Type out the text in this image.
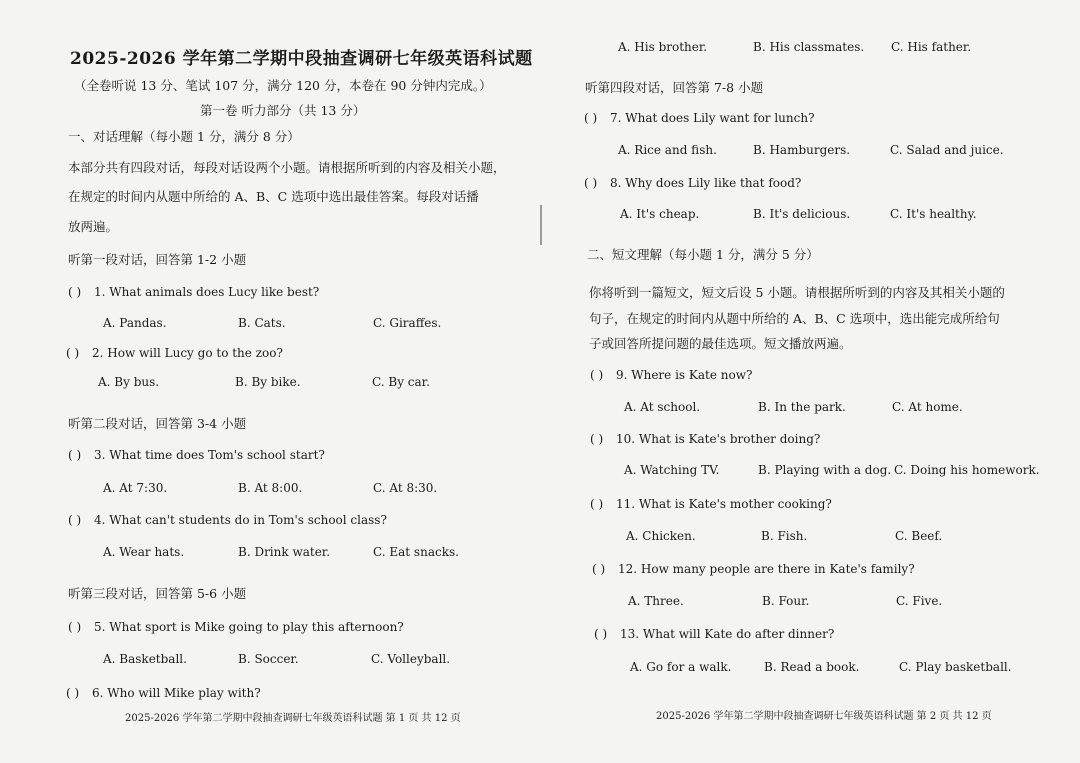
2025-2026 学年第二学期中段抽查调研七年级英语科试题
（全卷听说 13 分、笔试 107 分，满分 120 分，本卷在 90 分钟内完成。）
第一卷 听力部分（共 13 分）
一、对话理解（每小题 1 分，满分 8 分）
本部分共有四段对话，每段对话设两个小题。请根据所听到的内容及相关小题，
在规定的时间内从题中所给的 A、B、C 选项中选出最佳答案。每段对话播
放两遍。
听第一段对话，回答第 1-2 小题
( ) 1. What animals does Lucy like best?
A. Pandas.	B. Cats.	C. Giraffes.
( ) 2. How will Lucy go to the zoo?
A. By bus.	B. By bike.	C. By car.
听第二段对话，回答第 3-4 小题
( ) 3. What time does Tom's school start?
A. At 7:30.	B. At 8:00.	C. At 8:30.
( ) 4. What can't students do in Tom's school class?
A. Wear hats.	B. Drink water.	C. Eat snacks.
听第三段对话，回答第 5-6 小题
( ) 5. What sport is Mike going to play this afternoon?
A. Basketball.	B. Soccer.	C. Volleyball.
( ) 6. Who will Mike play with?
2025-2026 学年第二学期中段抽查调研七年级英语科试题 第 1 页 共 12 页
A. His brother.	B. His classmates. C. His father.
听第四段对话，回答第 7-8 小题
( ) 7. What does Lily want for lunch?
A. Rice and fish.	B. Hamburgers.	C. Salad and juice.
( ) 8. Why does Lily like that food?
A. It's cheap.	B. It's delicious.	C. It's healthy.
二、短文理解（每小题 1 分，满分 5 分）
你将听到一篇短文，短文后设 5 小题。请根据所听到的内容及其相关小题的
句子，在规定的时间内从题中所给的 A、B、C 选项中，选出能完成所给句
子或回答所提问题的最佳选项。短文播放两遍。
( ) 9. Where is Kate now?
A. At school.	B. In the park.	C. At home.
( ) 10. What is Kate's brother doing?
A. Watching TV.	B. Playing with a dog. C. Doing his homework.
( ) 11. What is Kate's mother cooking?
A. Chicken.	B. Fish.	C. Beef.
( ) 12. How many people are there in Kate's family?
A. Three.	B. Four.	C. Five.
( ) 13. What will Kate do after dinner?
A. Go for a walk.	B. Read a book.	C. Play basketball.
2025-2026 学年第二学期中段抽查调研七年级英语科试题 第 2 页 共 12 页
